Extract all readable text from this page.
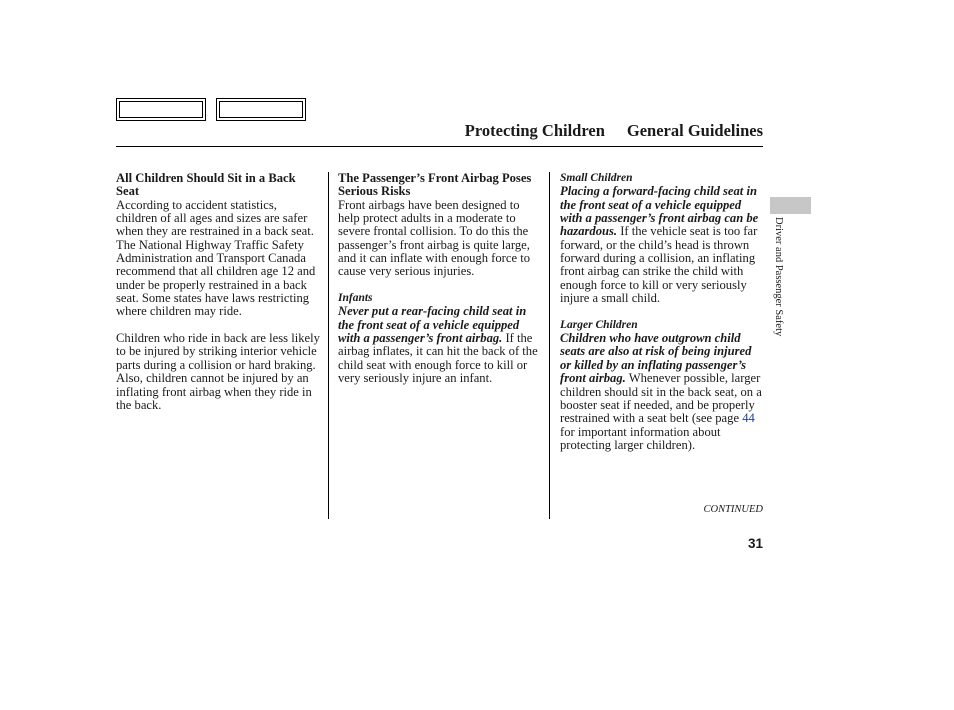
Protecting Children General Guidelines

All Children Should Sit in a Back Seat

According to accident statistics, children of all ages and sizes are safer when they are restrained in a back seat. The National Highway Traffic Safety Administration and Transport Canada recommend that all children age 12 and under be properly restrained in a back seat. Some states have laws restricting where children may ride.

Children who ride in back are less likely to be injured by striking interior vehicle parts during a collision or hard braking. Also, children cannot be injured by an inflating front airbag when they ride in the back.

The Passenger’s Front Airbag Poses Serious Risks

Front airbags have been designed to help protect adults in a moderate to severe frontal collision. To do this the passenger’s front airbag is quite large, and it can inflate with enough force to cause very serious injuries.

Infants

Never put a rear-facing child seat in the front seat of a vehicle equipped with a passenger’s front airbag. If the airbag inflates, it can hit the back of the child seat with enough force to kill or very seriously injure an infant.

Small Children

Placing a forward-facing child seat in the front seat of a vehicle equipped with a passenger’s front airbag can be hazardous. If the vehicle seat is too far forward, or the child’s head is thrown forward during a collision, an inflating front airbag can strike the child with enough force to kill or very seriously injure a small child.

Larger Children

Children who have outgrown child seats are also at risk of being injured or killed by an inflating passenger’s front airbag. Whenever possible, larger children should sit in the back seat, on a booster seat if needed, and be properly restrained with a seat belt (see page 44 for important information about protecting larger children).

CONTINUED
31
Driver and Passenger Safety
